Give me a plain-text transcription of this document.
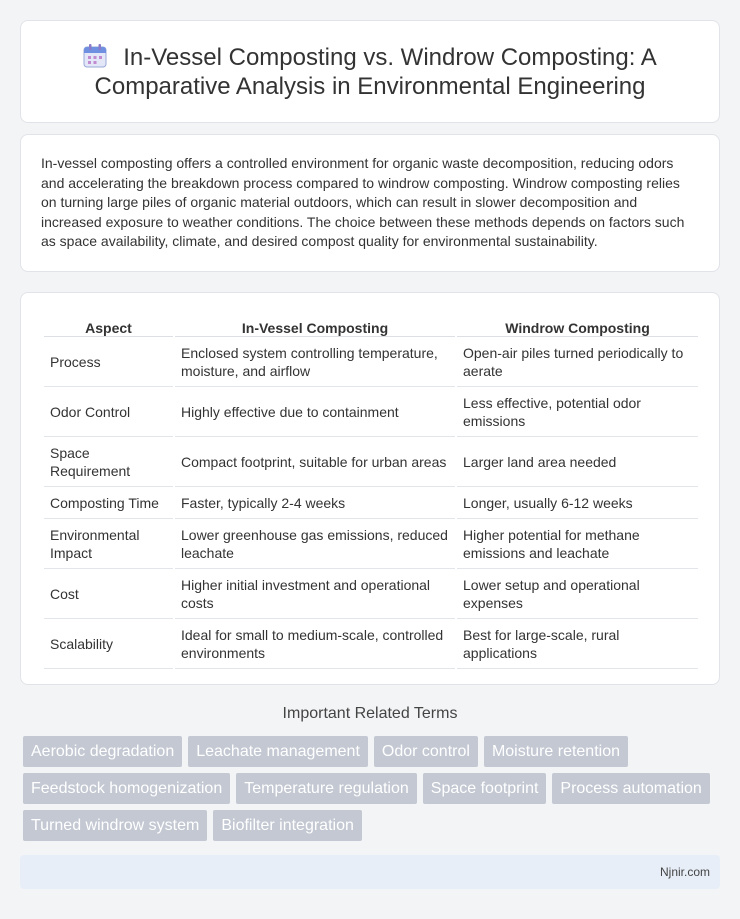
In-Vessel Composting vs. Windrow Composting: A Comparative Analysis in Environmental Engineering

In-vessel composting offers a controlled environment for organic waste decomposition, reducing odors and accelerating the breakdown process compared to windrow composting. Windrow composting relies on turning large piles of organic material outdoors, which can result in slower decomposition and increased exposure to weather conditions. The choice between these methods depends on factors such as space availability, climate, and desired compost quality for environmental sustainability.

Aspect	In-Vessel Composting	Windrow Composting
Process	Enclosed system controlling temperature, moisture, and airflow	Open-air piles turned periodically to aerate
Odor Control	Highly effective due to containment	Less effective, potential odor emissions
Space Requirement	Compact footprint, suitable for urban areas	Larger land area needed
Composting Time	Faster, typically 2-4 weeks	Longer, usually 6-12 weeks
Environmental Impact	Lower greenhouse gas emissions, reduced leachate	Higher potential for methane emissions and leachate
Cost	Higher initial investment and operational costs	Lower setup and operational expenses
Scalability	Ideal for small to medium-scale, controlled environments	Best for large-scale, rural applications
Important Related Terms
Aerobic degradation	Leachate management	Odor control	Moisture retention
Feedstock homogenization	Temperature regulation	Space footprint	Process automation
Turned windrow system	Biofilter integration
Njnir.com
